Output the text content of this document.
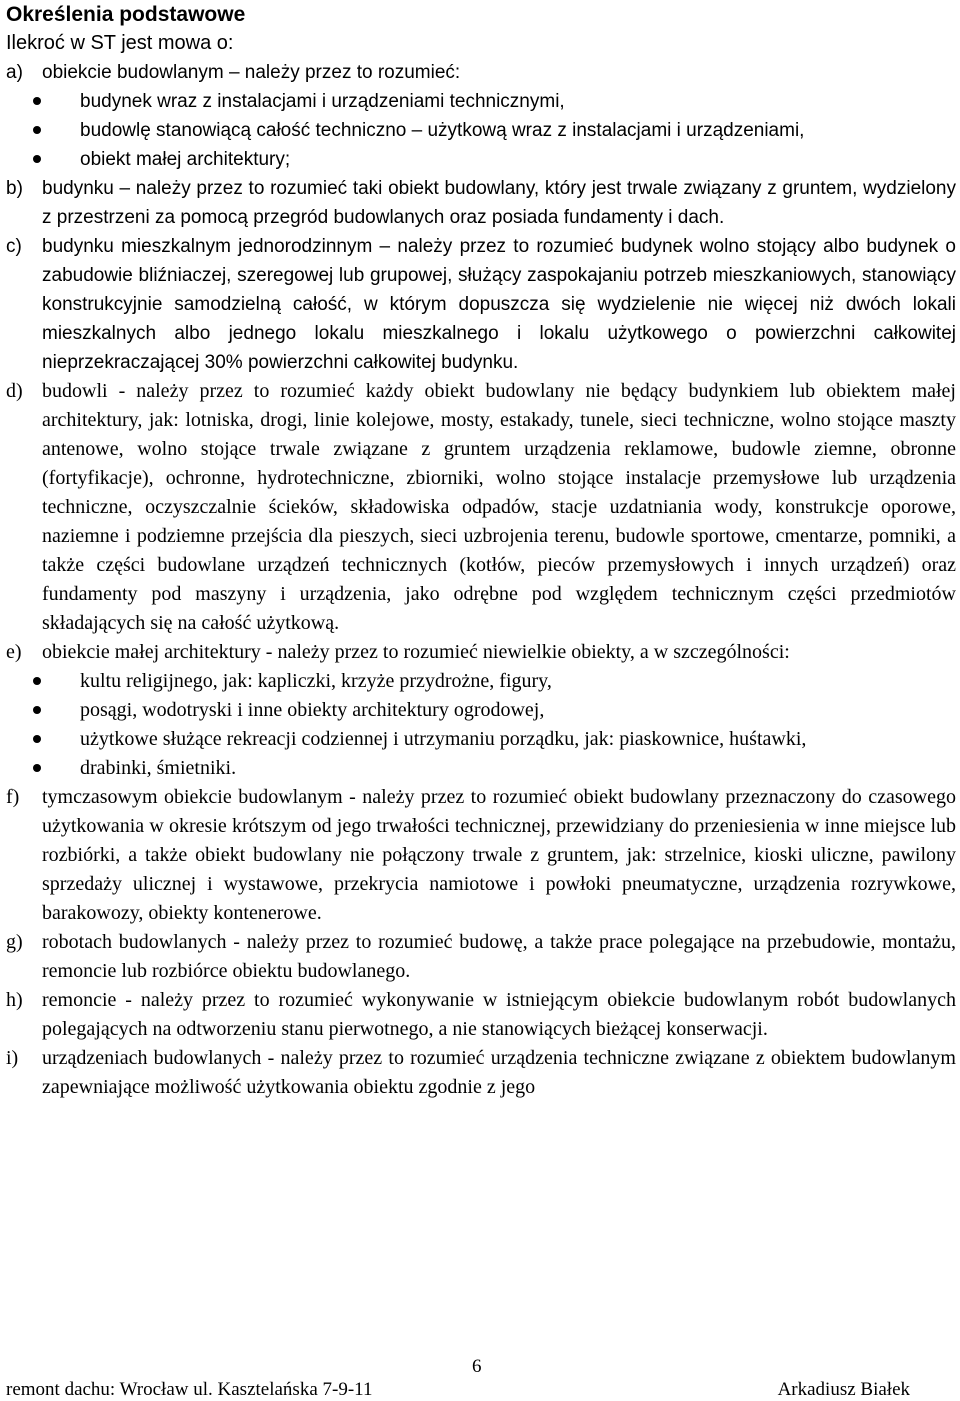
Określenia podstawowe
Ilekroć w ST jest mowa o:
a)	obiekcie budowlanym – należy przez to rozumieć:
budynek wraz z instalacjami i urządzeniami technicznymi,
budowlę stanowiącą całość techniczno – użytkową wraz z instalacjami i urządzeniami,
obiekt małej architektury;
b)	budynku – należy przez to rozumieć taki obiekt budowlany, który jest trwale związany z gruntem, wydzielony z przestrzeni za pomocą przegród budowlanych oraz posiada fundamenty i dach.
c)	budynku mieszkalnym jednorodzinnym – należy przez to rozumieć budynek wolno stojący albo budynek o zabudowie bliźniaczej, szeregowej lub grupowej, służący zaspokajaniu potrzeb mieszkaniowych, stanowiący konstrukcyjnie samodzielną całość, w którym dopuszcza się wydzielenie nie więcej niż dwóch lokali mieszkalnych albo jednego lokalu mieszkalnego i lokalu użytkowego o powierzchni całkowitej nieprzekraczającej 30% powierzchni całkowitej budynku.
d) budowli - należy przez to rozumieć każdy obiekt budowlany nie będący budynkiem lub obiektem małej architektury, jak: lotniska, drogi, linie kolejowe, mosty, estakady, tunele, sieci techniczne, wolno stojące maszty antenowe, wolno stojące trwale związane z gruntem urządzenia reklamowe, budowle ziemne, obronne (fortyfikacje), ochronne, hydrotechniczne, zbiorniki, wolno stojące instalacje przemysłowe lub urządzenia techniczne, oczyszczalnie ścieków, składowiska odpadów, stacje uzdatniania wody, konstrukcje oporowe, naziemne i podziemne przejścia dla pieszych, sieci uzbrojenia terenu, budowle sportowe, cmentarze, pomniki, a także części budowlane urządzeń technicznych (kotłów, pieców przemysłowych i innych urządzeń) oraz fundamenty pod maszyny i urządzenia, jako odrębne pod względem technicznym części przedmiotów składających się na całość użytkową.
e)	obiekcie małej architektury - należy przez to rozumieć niewielkie obiekty, a w szczególności:
kultu religijnego, jak: kapliczki, krzyże przydrożne, figury,
posągi, wodotryski i inne obiekty architektury ogrodowej,
użytkowe służące rekreacji codziennej i utrzymaniu porządku, jak: piaskownice, huśtawki,
drabinki, śmietniki.
f)	tymczasowym obiekcie budowlanym - należy przez to rozumieć obiekt budowlany przeznaczony do czasowego użytkowania w okresie krótszym od jego trwałości technicznej, przewidziany do przeniesienia w inne miejsce lub rozbiórki, a także obiekt budowlany nie połączony trwale z gruntem, jak: strzelnice, kioski uliczne, pawilony sprzedaży ulicznej i wystawowe, przekrycia namiotowe i powłoki pneumatyczne, urządzenia rozrywkowe, barakowozy, obiekty kontenerowe.
g) robotach budowlanych - należy przez to rozumieć budowę, a także prace polegające na przebudowie, montażu, remoncie lub rozbiórce obiektu budowlanego.
h) remoncie - należy przez to rozumieć wykonywanie w istniejącym obiekcie budowlanym robót budowlanych polegających na odtworzeniu stanu pierwotnego, a nie stanowiących bieżącej konserwacji.
i)	urządzeniach budowlanych - należy przez to rozumieć urządzenia techniczne związane z obiektem budowlanym zapewniające możliwość użytkowania obiektu zgodnie z jego
6
remont dachu: Wrocław ul. Kasztelańska 7-9-11	Arkadiusz Białek
